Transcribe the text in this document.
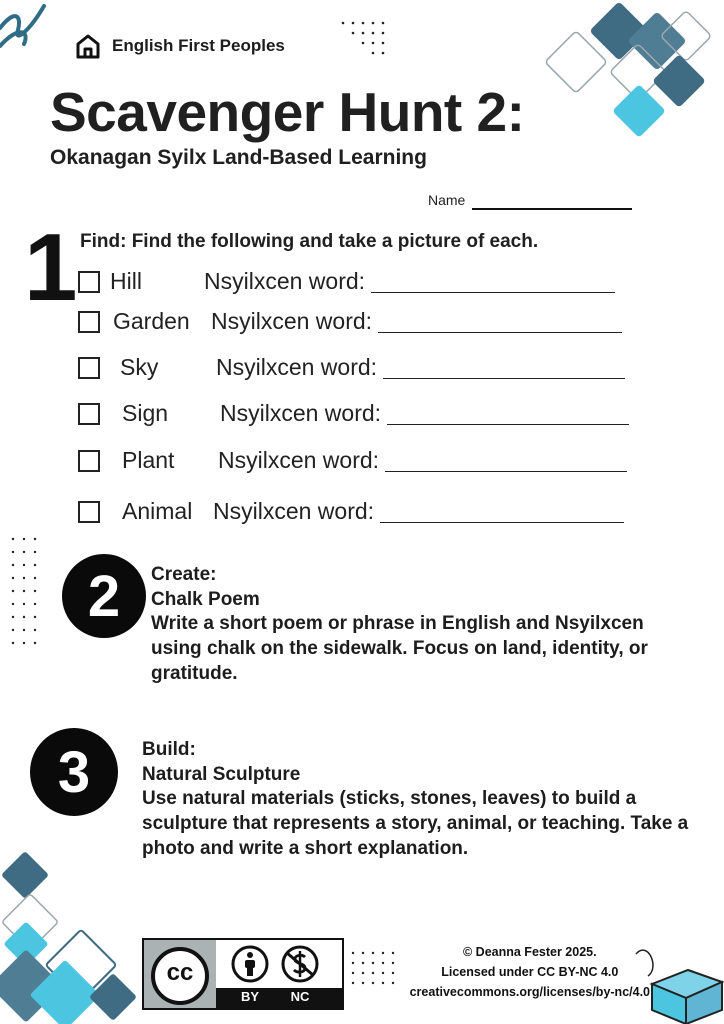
English First Peoples
Scavenger Hunt 2:
Okanagan Syilx Land-Based Learning
Name
1 Find: Find the following and take a picture of each.
Hill	Nsyilxcen word:
Garden Nsyilxcen word:
Sky	Nsyilxcen word:
Sign	Nsyilxcen word:
Plant	Nsyilxcen word:
Animal Nsyilxcen word:
2	Create:
Chalk Poem
Write a short poem or phrase in English and Nsyilxcen using chalk on the sidewalk. Focus on land, identity, or gratitude.
3	Build:
Natural Sculpture
Use natural materials (sticks, stones, leaves) to build a sculpture that represents a story, animal, or teaching. Take a photo and write a short explanation.
cc
BY	NC
© Deanna Fester 2025.
Licensed under CC BY-NC 4.0
creativecommons.org/licenses/by-nc/4.0
